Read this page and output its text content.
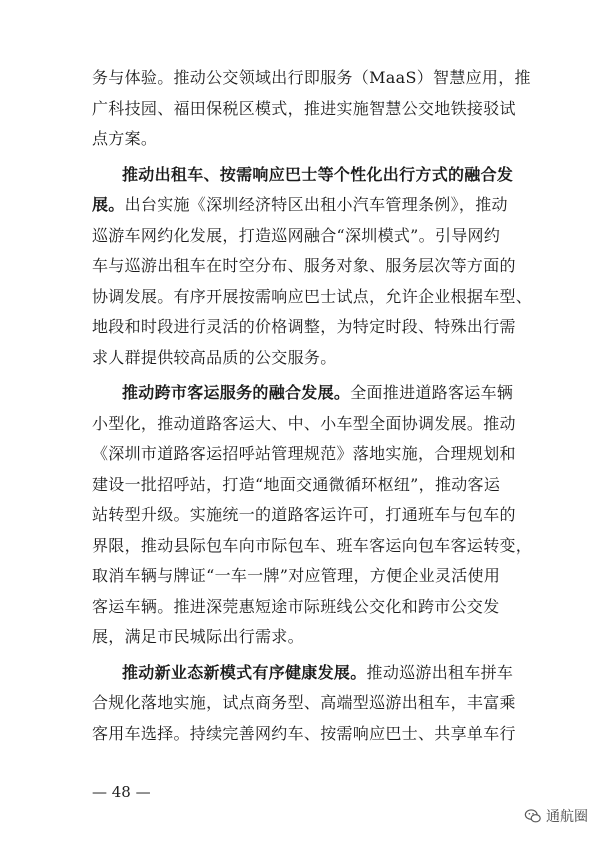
务与体验。推动公交领域出行即服务（MaaS）智慧应用，推
广科技园、福田保税区模式，推进实施智慧公交地铁接驳试
点方案。

推动出租车、按需响应巴士等个性化出行方式的融合发
展。出台实施《深圳经济特区出租小汽车管理条例》，推动
巡游车网约化发展，打造巡网融合“深圳模式”。引导网约
车与巡游出租车在时空分布、服务对象、服务层次等方面的
协调发展。有序开展按需响应巴士试点，允许企业根据车型、
地段和时段进行灵活的价格调整，为特定时段、特殊出行需
求人群提供较高品质的公交服务。

推动跨市客运服务的融合发展。全面推进道路客运车辆
小型化，推动道路客运大、中、小车型全面协调发展。推动
《深圳市道路客运招呼站管理规范》落地实施，合理规划和
建设一批招呼站，打造“地面交通微循环枢纽”，推动客运
站转型升级。实施统一的道路客运许可，打通班车与包车的
界限，推动县际包车向市际包车、班车客运向包车客运转变，
取消车辆与牌证“一车一牌”对应管理，方便企业灵活使用
客运车辆。推进深莞惠短途市际班线公交化和跨市公交发
展，满足市民城际出行需求。

推动新业态新模式有序健康发展。推动巡游出租车拼车
合规化落地实施，试点商务型、高端型巡游出租车，丰富乘
客用车选择。持续完善网约车、按需响应巴士、共享单车行

— 48 —
通航圈
